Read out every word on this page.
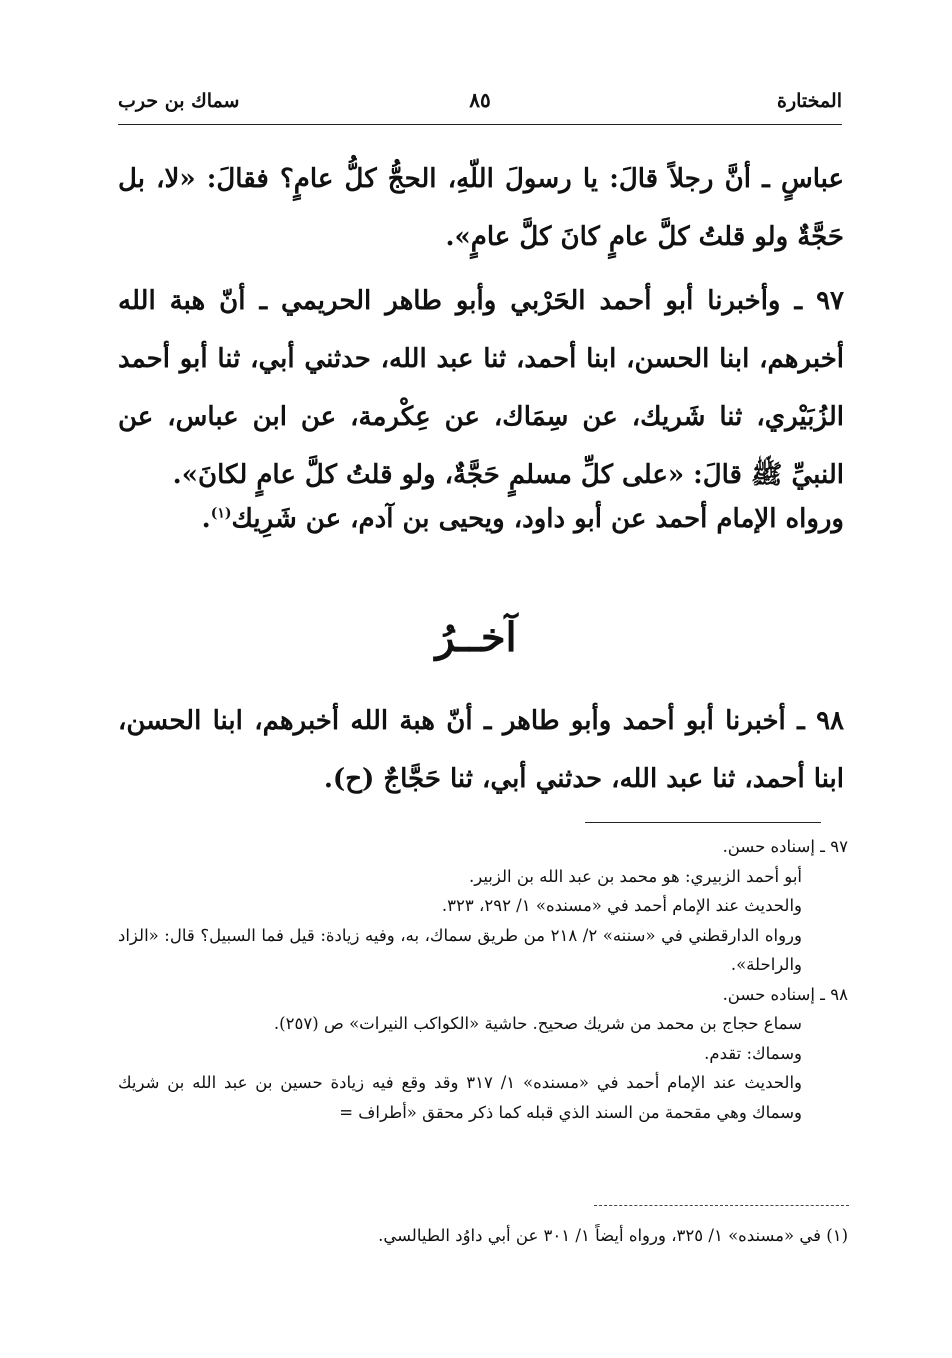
المختارة
٨٥
سماك بن حرب

عباسٍ ـ أنَّ رجلاً قالَ: يا رسولَ اللّهِ، الحجُّ كلُّ عامٍ؟ فقالَ: «لا، بل حَجَّةٌ ولو قلتُ كلَّ عامٍ كانَ كلَّ عامٍ».

٩٧ ـ وأخبرنا أبو أحمد الحَرْبي وأبو طاهر الحريمي ـ أنّ هبة الله أخبرهم، ابنا الحسن، ابنا أحمد، ثنا عبد الله، حدثني أبي، ثنا أبو أحمد الزُبَيْري، ثنا شَريك، عن سِمَاك، عن عِكْرمة، عن ابن عباس، عن النبيِّ ﷺ قالَ: «على كلِّ مسلمٍ حَجَّةٌ، ولو قلتُ كلَّ عامٍ لكانَ».

ورواه الإمام أحمد عن أبو داود، ويحيى بن آدم، عن شَرِيك$^{(١)}$.

آخــرُ

٩٨ ـ أخبرنا أبو أحمد وأبو طاهر ـ أنّ هبة الله أخبرهم، ابنا الحسن، ابنا أحمد، ثنا عبد الله، حدثني أبي، ثنا حَجَّاجٌ (ح).

٩٧ ـ إسناده حسن.

أبو أحمد الزبيري: هو محمد بن عبد الله بن الزبير.

والحديث عند الإمام أحمد في «مسنده» ١/ ٢٩٢، ٣٢٣.

ورواه الدارقطني في «سننه» ٢/ ٢١٨ من طريق سماك، به، وفيه زيادة: قيل فما السبيل؟ قال: «الزاد والراحلة».

٩٨ ـ إسناده حسن.

سماع حجاج بن محمد من شريك صحيح. حاشية «الكواكب النيرات» ص (٢٥٧).

وسماك: تقدم.

والحديث عند الإمام أحمد في «مسنده» ١/ ٣١٧ وقد وقع فيه زيادة حسين بن عبد الله بن شريك وسماك وهي مقحمة من السند الذي قبله كما ذكر محقق «أطراف =

(١) في «مسنده» ١/ ٣٢٥، ورواه أيضاً ١/ ٣٠١ عن أبي داوُد الطيالسي.
